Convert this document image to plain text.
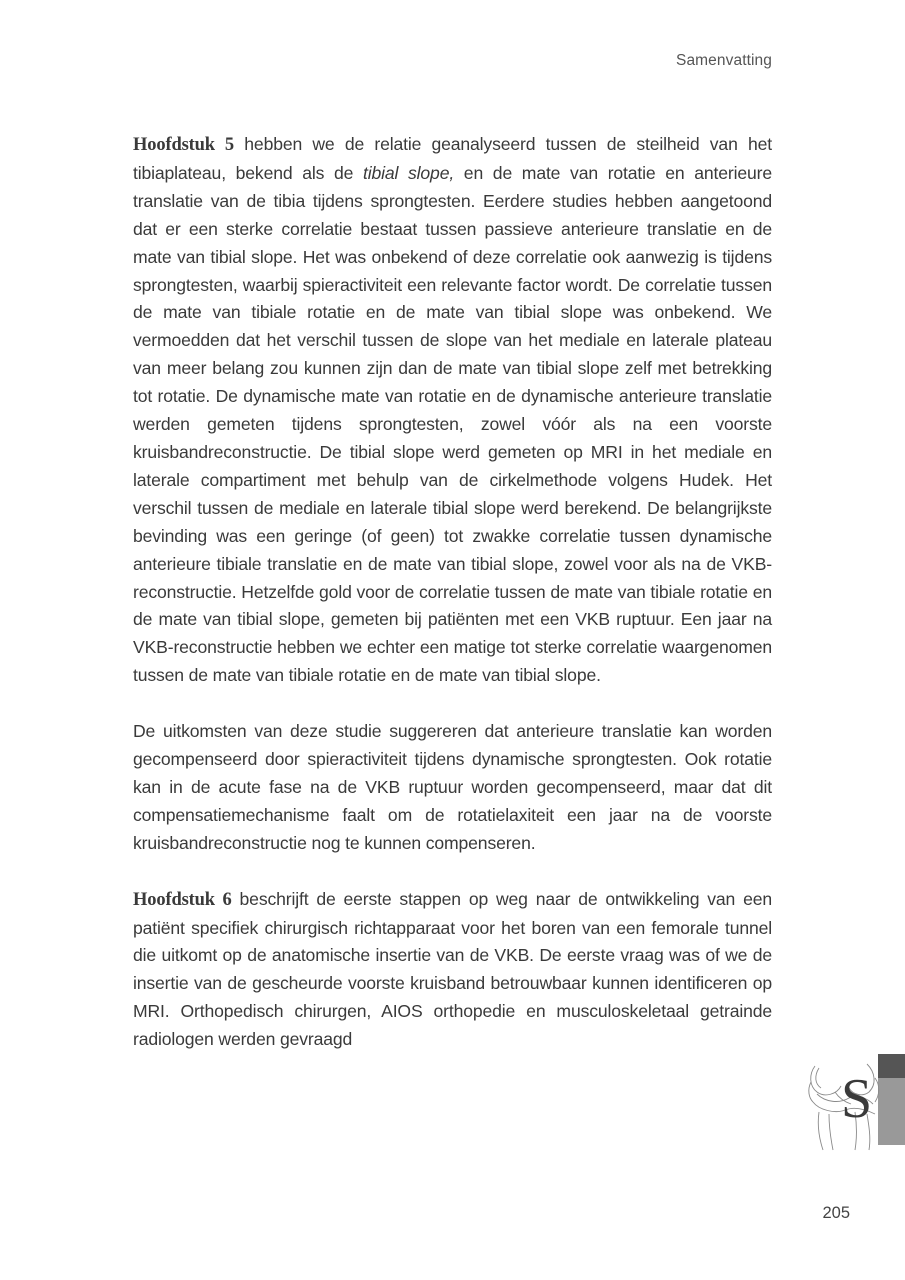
Samenvatting

Hoofdstuk 5 hebben we de relatie geanalyseerd tussen de steilheid van het tibiaplateau, bekend als de tibial slope, en de mate van rotatie en anterieure translatie van de tibia tijdens sprongtesten. Eerdere studies hebben aangetoond dat er een sterke correlatie bestaat tussen passieve anterieure translatie en de mate van tibial slope. Het was onbekend of deze correlatie ook aanwezig is tijdens sprongtesten, waarbij spieractiviteit een relevante factor wordt. De correlatie tussen de mate van tibiale rotatie en de mate van tibial slope was onbekend. We vermoedden dat het verschil tussen de slope van het mediale en laterale plateau van meer belang zou kunnen zijn dan de mate van tibial slope zelf met betrekking tot rotatie. De dynamische mate van rotatie en de dynamische anterieure translatie werden gemeten tijdens sprongtesten, zowel vóór als na een voorste kruisbandreconstructie. De tibial slope werd gemeten op MRI in het mediale en laterale compartiment met behulp van de cirkelmethode volgens Hudek. Het verschil tussen de mediale en laterale tibial slope werd berekend. De belangrijkste bevinding was een geringe (of geen) tot zwakke correlatie tussen dynamische anterieure tibiale translatie en de mate van tibial slope, zowel voor als na de VKB-reconstructie. Hetzelfde gold voor de correlatie tussen de mate van tibiale rotatie en de mate van tibial slope, gemeten bij patiënten met een VKB ruptuur. Een jaar na VKB-reconstructie hebben we echter een matige tot sterke correlatie waargenomen tussen de mate van tibiale rotatie en de mate van tibial slope.

De uitkomsten van deze studie suggereren dat anterieure translatie kan worden gecompenseerd door spieractiviteit tijdens dynamische sprongtesten. Ook rotatie kan in de acute fase na de VKB ruptuur worden gecompenseerd, maar dat dit compensatiemechanisme faalt om de rotatielaxiteit een jaar na de voorste kruisbandreconstructie nog te kunnen compenseren.

Hoofdstuk 6 beschrijft de eerste stappen op weg naar de ontwikkeling van een patiënt specifiek chirurgisch richtapparaat voor het boren van een femorale tunnel die uitkomt op de anatomische insertie van de VKB. De eerste vraag was of we de insertie van de gescheurde voorste kruisband betrouwbaar kunnen identificeren op MRI. Orthopedisch chirurgen, AIOS orthopedie en musculoskeletaal getrainde radiologen werden gevraagd

S
205
